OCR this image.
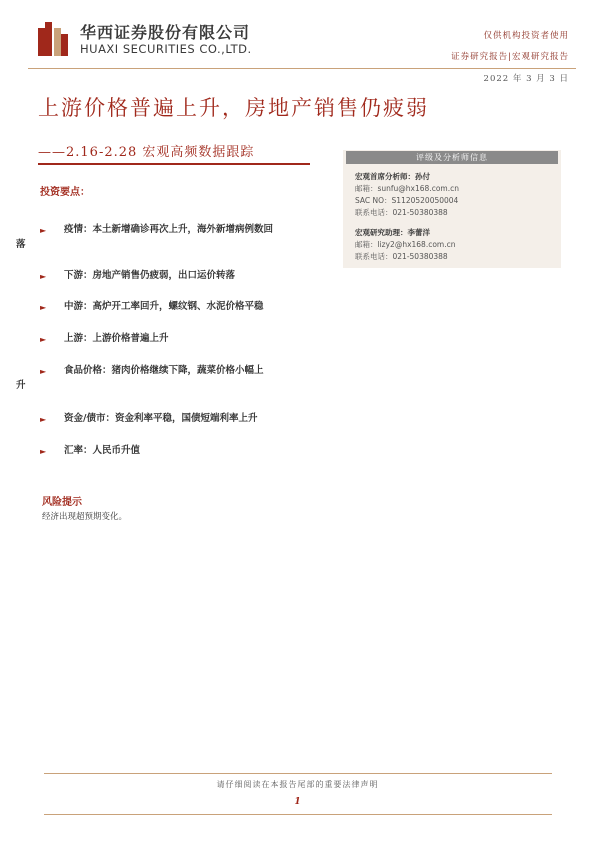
华西证券股份有限公司
HUAXI SECURITIES CO.,LTD.
仅供机构投资者使用
证券研究报告|宏观研究报告
2022 年 3 月 3 日
上游价格普遍上升，房地产销售仍疲弱
——2.16-2.28 宏观高频数据跟踪	评级及分析师信息
宏观首席分析师：孙付
邮箱：sunfu@hx168.com.cn
SAC NO：S1120520050004
联系电话：021-50380388
宏观研究助理：李蕾洋
邮箱：lizy2@hx168.com.cn
联系电话：021-50380388
投资要点：
►	疫情：本土新增确诊再次上升，海外新增病例数回
落
►	下游：房地产销售仍疲弱，出口运价转落
►	中游：高炉开工率回升，螺纹钢、水泥价格平稳
►	上游：上游价格普遍上升
►	食品价格：猪肉价格继续下降，蔬菜价格小幅上
升
►	资金/债市：资金利率平稳，国债短端利率上升
►	汇率：人民币升值
风险提示
经济出现超预期变化。
请仔细阅读在本报告尾部的重要法律声明
1
